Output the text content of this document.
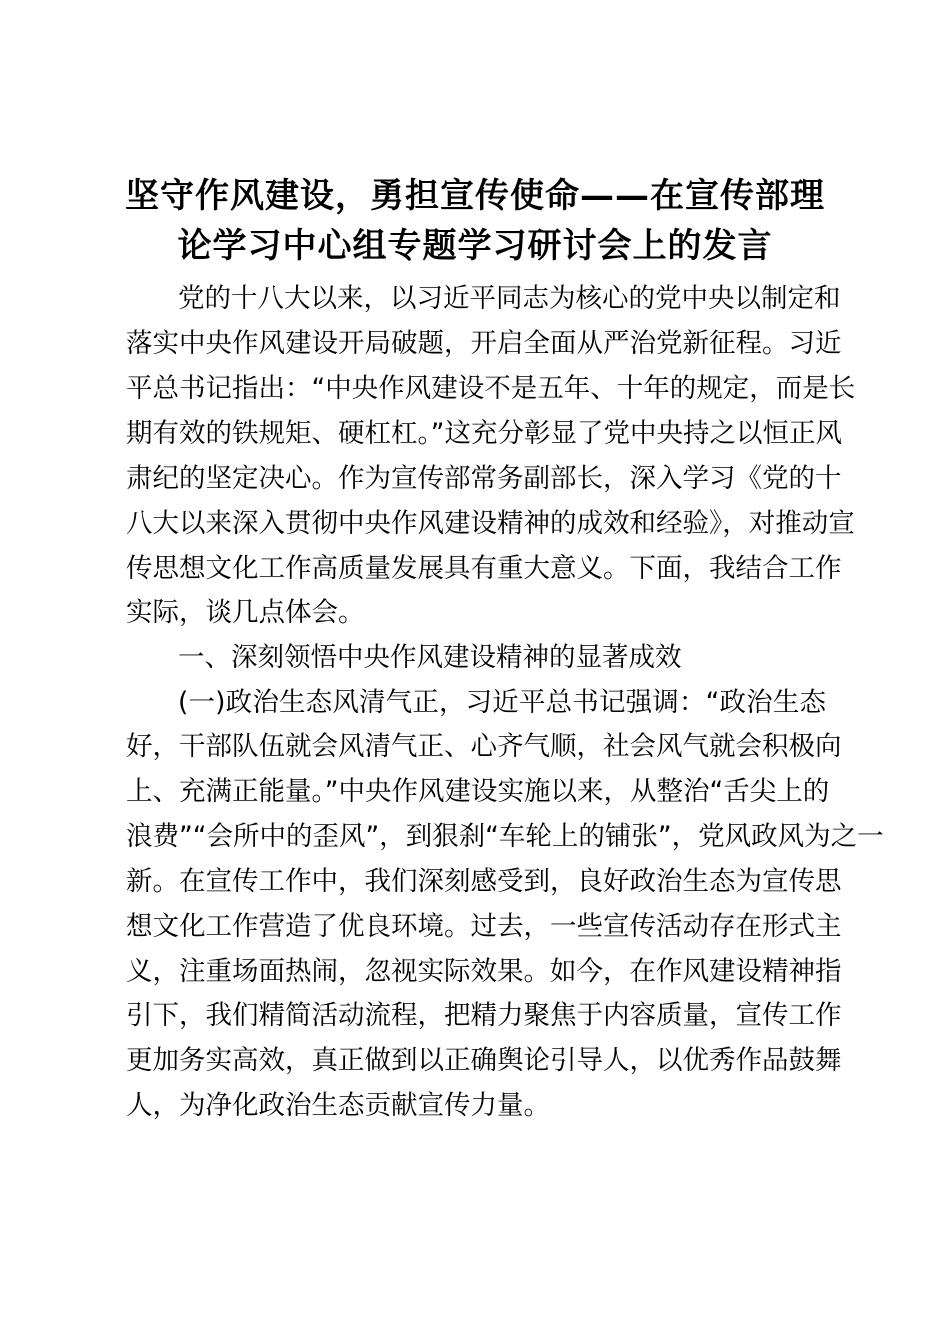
坚守作风建设，勇担宣传使命——在宣传部理
论学习中心组专题学习研讨会上的发言
党的十八大以来，以习近平同志为核心的党中央以制定和
落实中央作风建设开局破题，开启全面从严治党新征程。习近
平总书记指出：“中央作风建设不是五年、十年的规定，而是长
期有效的铁规矩、硬杠杠。”这充分彰显了党中央持之以恒正风
肃纪的坚定决心。作为宣传部常务副部长，深入学习《党的十
八大以来深入贯彻中央作风建设精神的成效和经验》，对推动宣
传思想文化工作高质量发展具有重大意义。下面，我结合工作
实际，谈几点体会。
一、深刻领悟中央作风建设精神的显著成效
(一)政治生态风清气正，习近平总书记强调：“政治生态
好，干部队伍就会风清气正、心齐气顺，社会风气就会积极向
上、充满正能量。”中央作风建设实施以来，从整治“舌尖上的
浪费”“会所中的歪风”，到狠刹“车轮上的铺张”，党风政风为之一
新。在宣传工作中，我们深刻感受到，良好政治生态为宣传思
想文化工作营造了优良环境。过去，一些宣传活动存在形式主
义，注重场面热闹，忽视实际效果。如今，在作风建设精神指
引下，我们精简活动流程，把精力聚焦于内容质量，宣传工作
更加务实高效，真正做到以正确舆论引导人，以优秀作品鼓舞
人，为净化政治生态贡献宣传力量。
